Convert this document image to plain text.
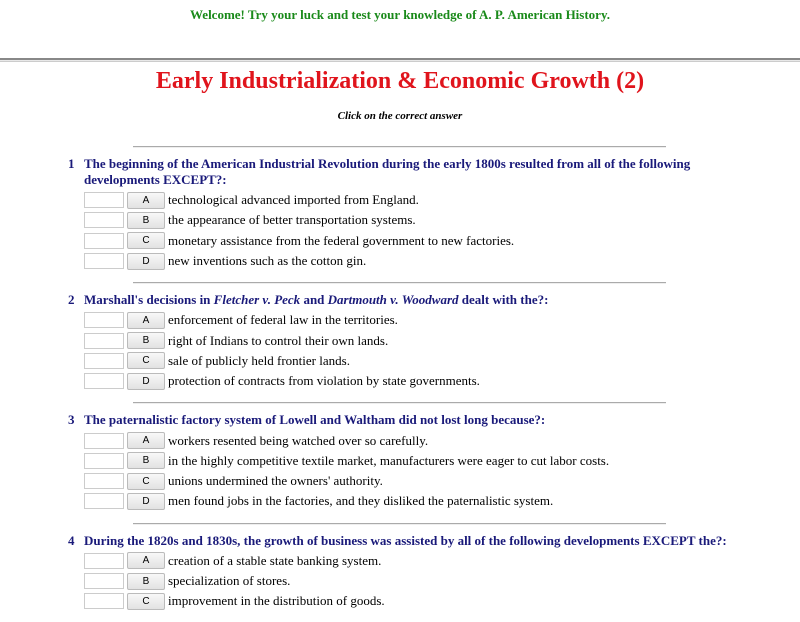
Welcome! Try your luck and test your knowledge of A. P. American History.
Early Industrialization & Economic Growth (2)
Click on the correct answer
1 The beginning of the American Industrial Revolution during the early 1800s resulted from all of the following developments EXCEPT?:
A	technological advanced imported from England.
B	the appearance of better transportation systems.
C	monetary assistance from the federal government to new factories.
D	new inventions such as the cotton gin.
2 Marshall's decisions in Fletcher v. Peck and Dartmouth v. Woodward dealt with the?:
A	enforcement of federal law in the territories.
B	right of Indians to control their own lands.
C	sale of publicly held frontier lands.
D	protection of contracts from violation by state governments.
3 The paternalistic factory system of Lowell and Waltham did not lost long because?:
A	workers resented being watched over so carefully.
B	in the highly competitive textile market, manufacturers were eager to cut labor costs.
C	unions undermined the owners' authority.
D	men found jobs in the factories, and they disliked the paternalistic system.
4 During the 1820s and 1830s, the growth of business was assisted by all of the following developments EXCEPT the?:
A	creation of a stable state banking system.
B	specialization of stores.
C	improvement in the distribution of goods.
